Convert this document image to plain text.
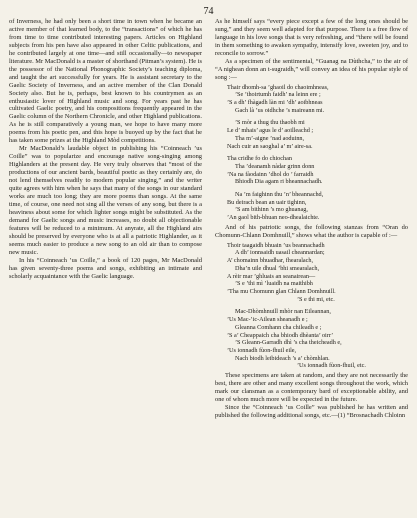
74

of Inverness, he had only been a short time in town when he became an active member of that learned body, to the “transactions” of which he has from time to time contributed interesting papers. Articles on Highland subjects from his pen have also appeared in other Celtic publications, and he contributed largely at one time—and still occasionally—to newspaper literature. Mr MacDonald is a master of shorthand (Pitman’s system). He is the possessor of the National Phonographic Society’s teaching diploma, and taught the art successfully for years. He is assistant secretary to the Gaelic Society of Inverness, and an active member of the Clan Donald Society also. But he is, perhaps, best known to his countrymen as an enthusiastic lover of Highland music and song. For years past he has cultivated Gaelic poetry, and his compositions frequently appeared in the Gaelic column of the Northern Chronicle, and other Highland publications. As he is still comparatively a young man, we hope to have many more poems from his poetic pen, and this hope is buoyed up by the fact that he has taken some prizes at the Highland Mòd competitions.

Mr MacDonald’s laudable object in publishing his “Coinneach ’us Coille” was to popularize and encourage native song-singing among Highlanders at the present day. He very truly observes that “most of the productions of our ancient bards, beautiful poetic as they certainly are, do not lend themselves readily to modern popular singing,” and the writer quite agrees with him when he says that many of the songs in our standard works are much too long; they are more poems than songs. At the same time, of course, one need not sing all the verses of any song, but there is a heaviness about some for which lighter songs might be substituted. As the demand for Gaelic songs and music increases, no doubt all objectionable features will be reduced to a minimum. At anyrate, all the Highland airs should be preserved by everyone who is at all a patriotic Highlander, as it seems much easier to produce a new song to an old air than to compose new music.

In his “Coinneach ’us Coille,” a book of 120 pages, Mr MacDonald has given seventy-three poems and songs, exhibiting an intimate and scholarly acquaintance with the Gaelic language.

As he himself says “every piece except a few of the long ones should be sung,” and they seem well adapted for that purpose. There is a free flow of language in his love songs that is very refreshing, and “there will be found in them something to awaken sympathy, intensify love, sweeten joy, and to reconcile to sorrow.”

As a specimen of the sentimental, “Guanag na Dùthcha,” to the air of “A nighean donn an t-sugraidh,” will convey an idea of his popular style of song :—

Thair dhomh-sa ’ghaoil do chaoimhneas,
’Se ’thoirtumh faidh’ na leinn ere ;
’S a dh’ fhàgadh làn mi ’dh’ aoibhneas
Gach là ’us oidhche ’s maireann mi.
’S mòr a thug thu thaobh mi
Le d’ mhais’ agus le d’ aoilleachd ;
Tha m’-aigne ’nad aoduinn,
Nach cuir an saoghal a’ m’ aire-sa.
Tha cridhe fo do chiochan
Tha ’deanamh nàdar grinn donn
’Na na fàodainn ’dhol do ’ farraidh
Bhiodh Dia agam ri bheannachadh.
Na ’m faighinn thu ’n’ bheannachd,
Bu deirach bean an uair tighinn,
’S am bithinn ’s mo ghuanag,
’An gaol bith-bhuan neo-dhealaichte.

And of his patriotic songs, the following stanzas from “Oran do Chomunn-Chlann Domhnuill,” shows what the author is capable of :—

Thoir taagaidh bhuain ’us beannachadh
A dh’ ionnsaidh uasail cheannardan;
A’ chomainn bhuadhar, fhearalach,
Dha’n uile dhual ’bhi smearalach,
A rèir mar ’ghluais an seanairean—
’S e ’thi mì ’luaidh na maithibh
’Tha mu Chomunn glan Chlann Domhnuill.
’S e thi mi, etc.
Mac-Dhòmhnuill mhòr nan Eileannan,
’Us Mac-’ic-Ailean sheanadh e ;
Gleanna Comhann cha chileadh e ;
’S a’ Cheappaich cha bhiodh dhèanta’ oirr’
’S Gleann-Garradh dhì ’s cha theicheadh e,
’Us ionnadh fùon-fhuil eile,
Nach biodh leibideach ’s a’ chòmhlan.
’Us ionnadh fùon-fhuil, etc.

These specimens are taken at random, and they are not necessarily the best, there are other and many excellent songs throughout the work, which mark our clansman as a contemporary bard of exceptionable ability, and one of whom much more will be expected in the future.

Since the “Coinneach ’us Coille” was published he has written and published the following additional songs, etc.—(1) “Brosnachadh Chloinn
